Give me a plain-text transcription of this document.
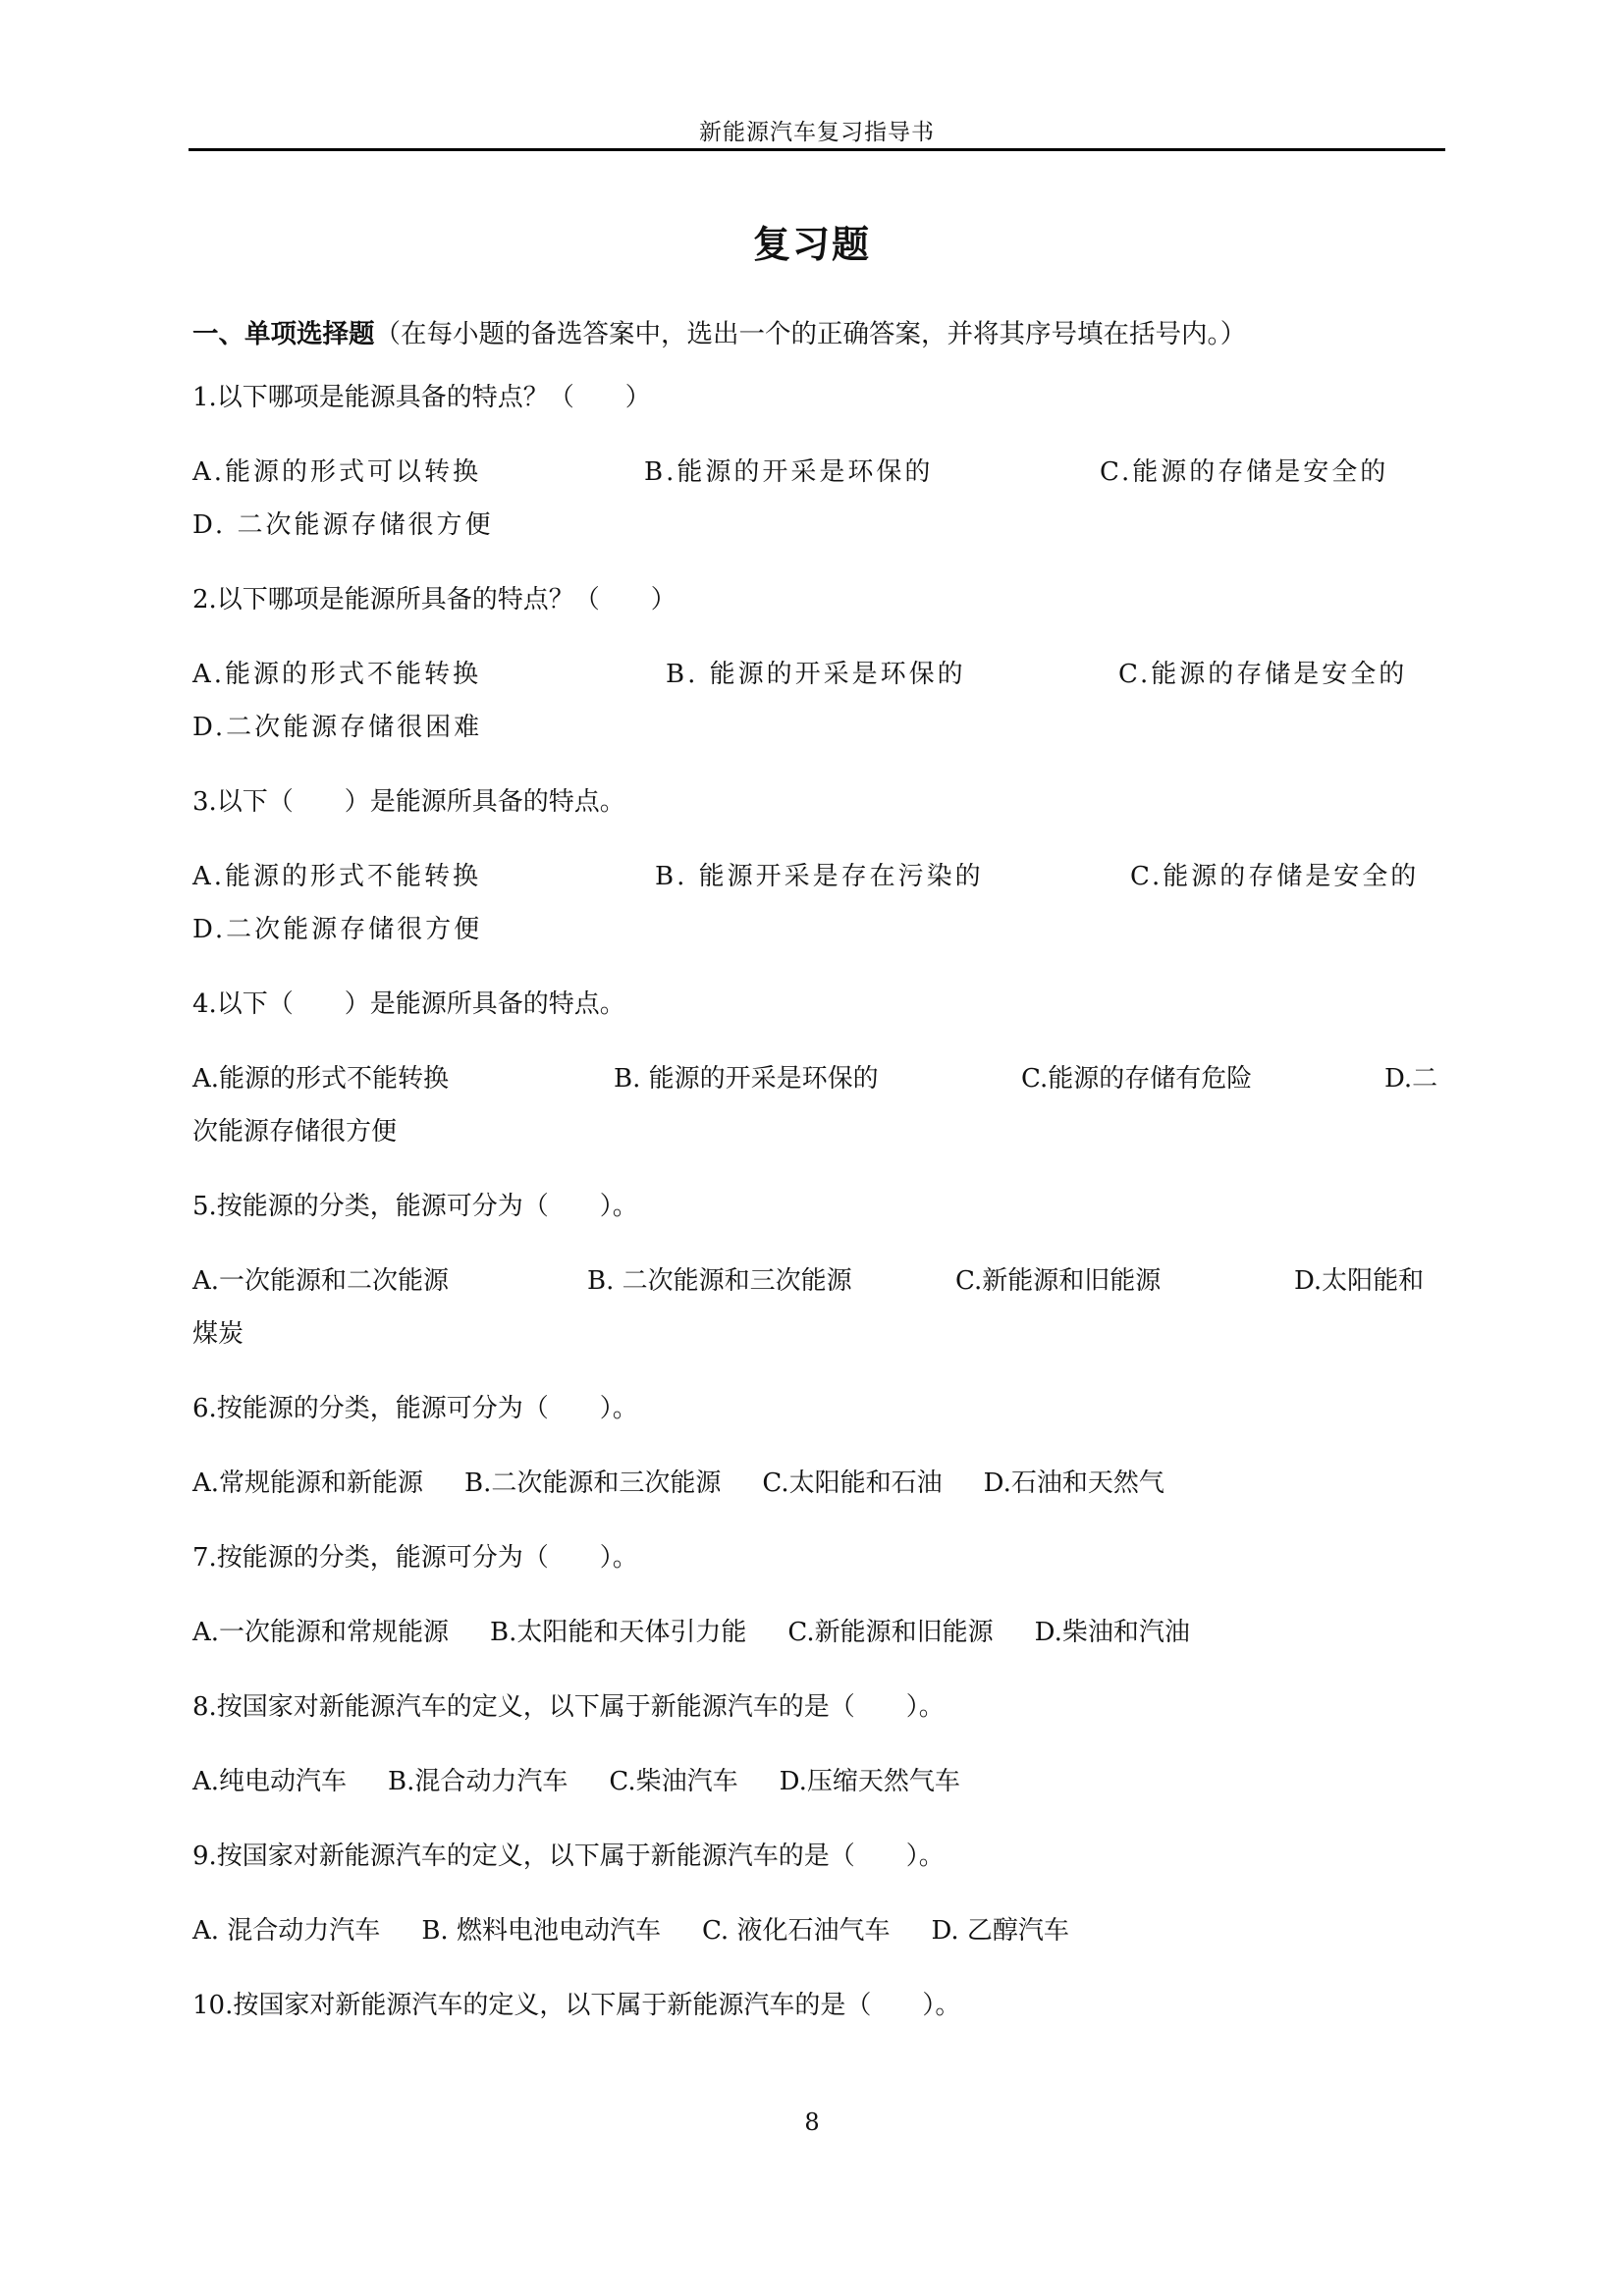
新能源汽车复习指导书
复习题
一、单项选择题（在每小题的备选答案中，选出一个的正确答案，并将其序号填在括号内。）
1.以下哪项是能源具备的特点？（　　）
A.能源的形式可以转换	B.能源的开采是环保的	C.能源的存储是安全的
D. 二次能源存储很方便
2.以下哪项是能源所具备的特点？（　　）
A.能源的形式不能转换	B. 能源的开采是环保的	C.能源的存储是安全的
D.二次能源存储很困难
3.以下（　　）是能源所具备的特点。
A.能源的形式不能转换	B. 能源开采是存在污染的	C.能源的存储是安全的
D.二次能源存储很方便
4.以下（　　）是能源所具备的特点。
A.能源的形式不能转换	B. 能源的开采是环保的	C.能源的存储有危险	D.二次能源存储很方便
5.按能源的分类，能源可分为（　　）。
A.一次能源和二次能源	B. 二次能源和三次能源	C.新能源和旧能源	D.太阳能和煤炭
6.按能源的分类，能源可分为（　　）。
A.常规能源和新能源 B.二次能源和三次能源 C.太阳能和石油 D.石油和天然气
7.按能源的分类，能源可分为（　　）。
A.一次能源和常规能源 B.太阳能和天体引力能 C.新能源和旧能源 D.柴油和汽油
8.按国家对新能源汽车的定义，以下属于新能源汽车的是（　　）。
A.纯电动汽车 B.混合动力汽车 C.柴油汽车 D.压缩天然气车
9.按国家对新能源汽车的定义，以下属于新能源汽车的是（　　）。
A. 混合动力汽车 B. 燃料电池电动汽车 C. 液化石油气车 D. 乙醇汽车
10.按国家对新能源汽车的定义，以下属于新能源汽车的是（　　）。
8
